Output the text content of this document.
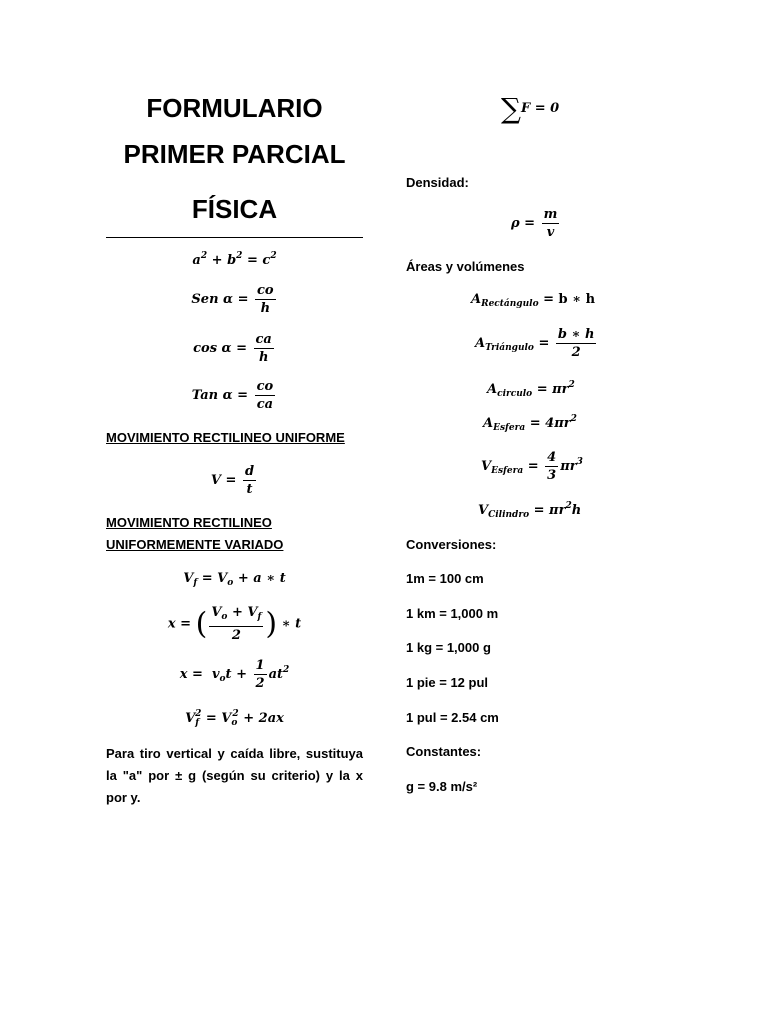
FORMULARIO
PRIMER PARCIAL
FÍSICA
$a^2 + b^2 = c^2$
Sen $\alpha = \frac{co}{h}$
$\cos \alpha = \frac{ca}{h}$
Tan $\alpha = \frac{co}{ca}$
MOVIMIENTO RECTILINEO UNIFORME
$V = \frac{d}{t}$
MOVIMIENTO RECTILINEO
UNIFORMEMENTE VARIADO
$V_f = V_o + a$ ∗ t
x = ( $\frac{V_o + V_f}{2}$ ) ∗ t
$x = v_ot + \frac{1}{2} at^2$
$V_f^2 = V_o^2 + 2ax$
Para tiro vertical y caída libre, sustituya la "a" por ± g (según su criterio) y la x por y.
∑F = 0
Densidad:
$\rho = \frac{m}{v}$
Áreas y volúmenes
$A_{Rectángulo} = b$ ∗ h
$A_{Triángulo} = \frac{b ∗ h}{2}$
$A_{circulo} = \pi r^2$
$A_{Esfera} = 4\pi r^2$
$V_{Esfera} = \frac{4}{3} \pi r^3$
$V_{Cilindro} = \pi r^2h$
Conversiones:
1m = 100 cm
1 km = 1,000 m
1 kg = 1,000 g
1 pie = 12 pul
1 pul = 2.54 cm
Constantes:
g = 9.8 m/s²
